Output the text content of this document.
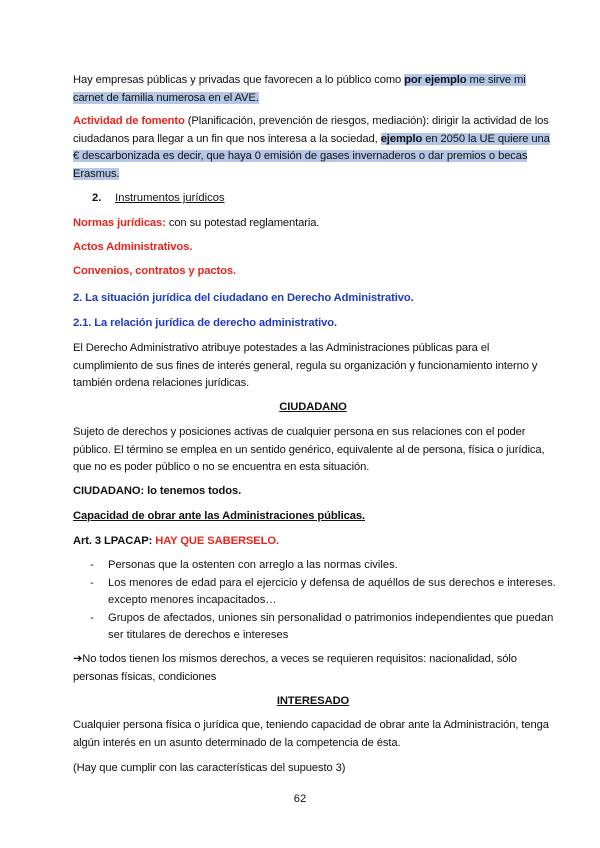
Hay empresas públicas y privadas que favorecen a lo público como por ejemplo me sirve mi
carnet de familia numerosa en el AVE.
Actividad de fomento (Planificación, prevención de riesgos, mediación): dirigir la actividad de los ciudadanos para llegar a un fin que nos interesa a la sociedad, ejemplo en 2050 la UE quiere una € descarbonizada es decir, que haya 0 emisión de gases invernaderos o dar premios o becas Erasmus.
2. Instrumentos jurídicos
Normas jurídicas: con su potestad reglamentaria.
Actos Administrativos.
Convenios, contratos y pactos.
2. La situación jurídica del ciudadano en Derecho Administrativo.
2.1. La relación jurídica de derecho administrativo.
El Derecho Administrativo atribuye potestades a las Administraciones públicas para el cumplimiento de sus fines de interés general, regula su organización y funcionamiento interno y también ordena relaciones jurídicas.
CIUDADANO
Sujeto de derechos y posiciones activas de cualquier persona en sus relaciones con el poder público. El término se emplea en un sentido genérico, equivalente al de persona, física o jurídica, que no es poder público o no se encuentra en esta situación.
CIUDADANO: lo tenemos todos.
Capacidad de obrar ante las Administraciones públicas.
Art. 3 LPACAP: HAY QUE SABERSELO.
- Personas que la ostenten con arreglo a las normas civiles.
- Los menores de edad para el ejercicio y defensa de aquéllos de sus derechos e intereses. excepto menores incapacitados…
- Grupos de afectados, uniones sin personalidad o patrimonios independientes que puedan ser titulares de derechos e intereses
➔No todos tienen los mismos derechos, a veces se requieren requisitos: nacionalidad, sólo personas físicas, condiciones
INTERESADO
Cualquier persona física o jurídica que, teniendo capacidad de obrar ante la Administración, tenga algún interés en un asunto determinado de la competencia de ésta.
(Hay que cumplir con las características del supuesto 3)
62
